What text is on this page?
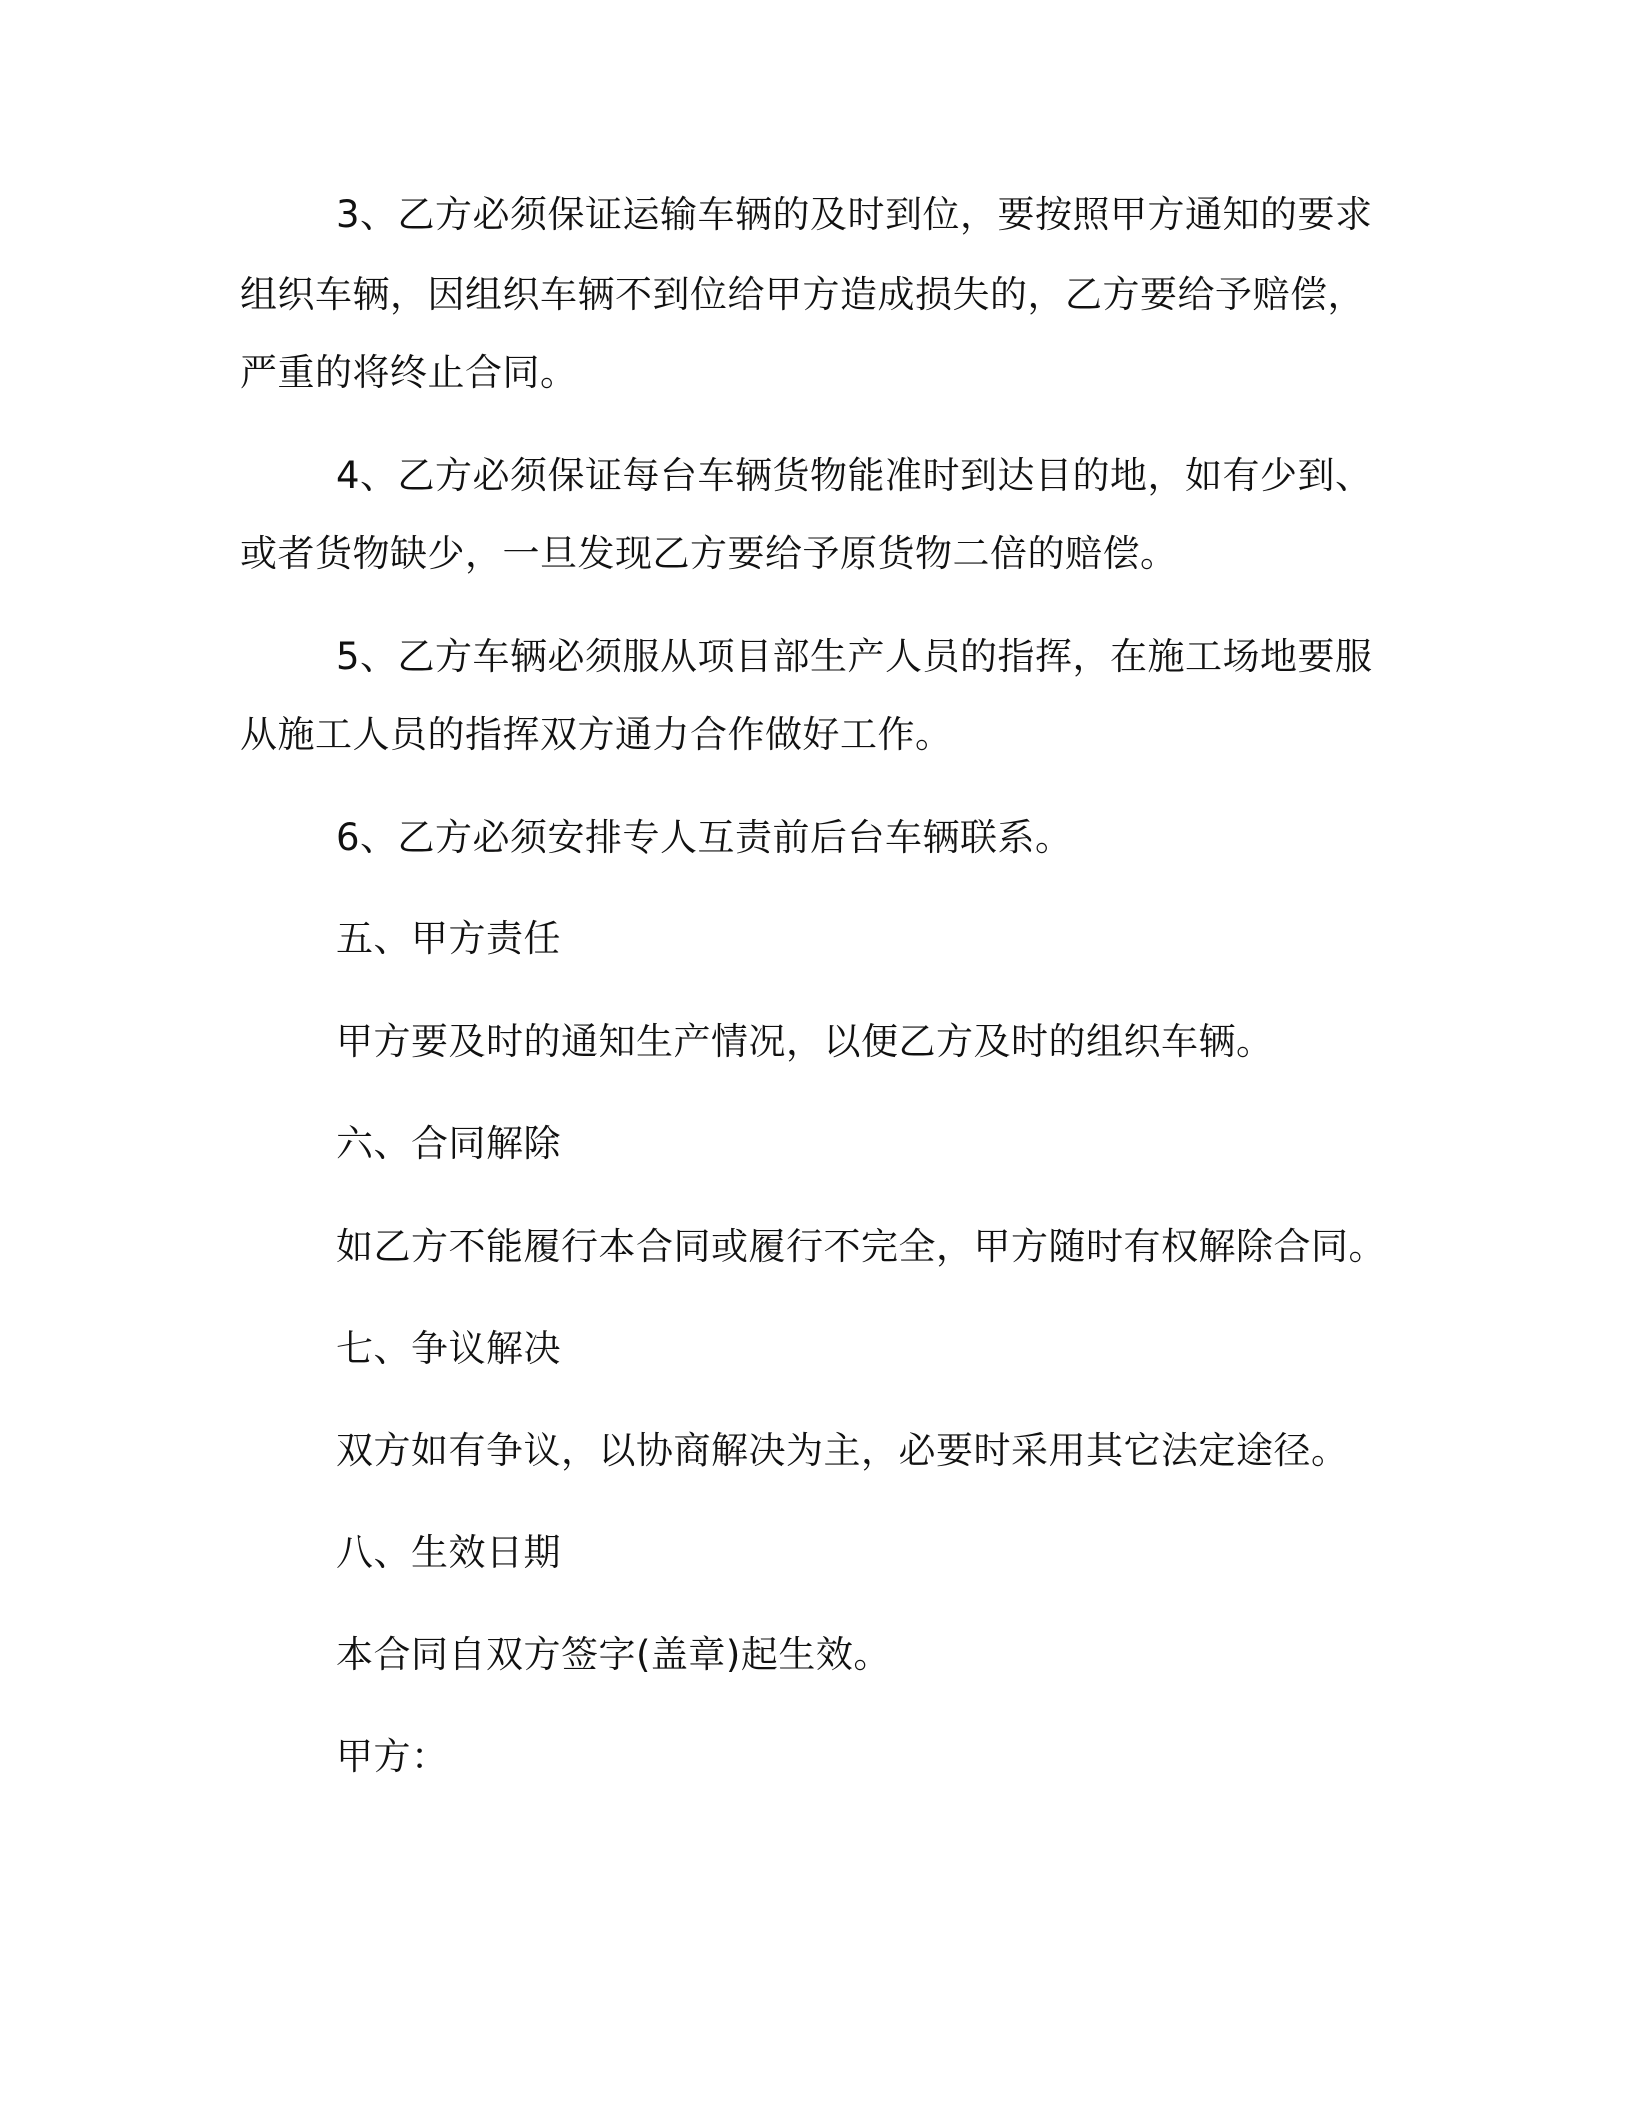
3、乙方必须保证运输车辆的及时到位，要按照甲方通知的要求
组织车辆，因组织车辆不到位给甲方造成损失的，乙方要给予赔偿，
严重的将终止合同。
4、乙方必须保证每台车辆货物能准时到达目的地，如有少到、
或者货物缺少，一旦发现乙方要给予原货物二倍的赔偿。
5、乙方车辆必须服从项目部生产人员的指挥，在施工场地要服
从施工人员的指挥双方通力合作做好工作。
6、乙方必须安排专人互责前后台车辆联系。
五、甲方责任
甲方要及时的通知生产情况，以便乙方及时的组织车辆。
六、合同解除
如乙方不能履行本合同或履行不完全，甲方随时有权解除合同。
七、争议解决
双方如有争议，以协商解决为主，必要时采用其它法定途径。
八、生效日期
本合同自双方签字(盖章)起生效。
甲方：
